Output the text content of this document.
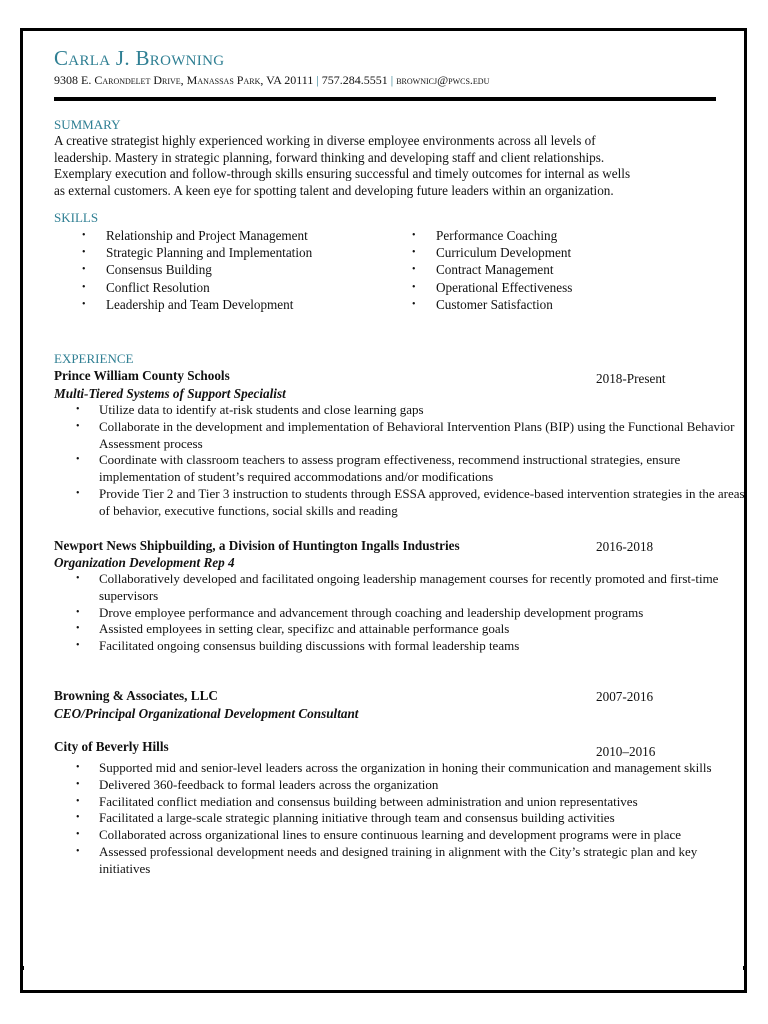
Carla J. Browning
9308 E. Carondelet Drive, Manassas Park, VA 20111 | 757.284.5551 | brownicj@pwcs.edu
SUMMARY
A creative strategist highly experienced working in diverse employee environments across all levels of
leadership. Mastery in strategic planning, forward thinking and developing staff and client relationships.
Exemplary execution and follow-through skills ensuring successful and timely outcomes for internal as wells
as external customers. A keen eye for spotting talent and developing future leaders within an organization.
SKILLS
• Relationship and Project Management
• Strategic Planning and Implementation
• Consensus Building
• Conflict Resolution
• Leadership and Team Development
• Performance Coaching
• Curriculum Development
• Contract Management
• Operational Effectiveness
• Customer Satisfaction
EXPERIENCE
Prince William County Schools	2018-Present
Multi-Tiered Systems of Support Specialist
• Utilize data to identify at-risk students and close learning gaps
• Collaborate in the development and implementation of Behavioral Intervention Plans (BIP) using the Functional Behavior Assessment process
• Coordinate with classroom teachers to assess program effectiveness, recommend instructional strategies, ensure implementation of student’s required accommodations and/or modifications
• Provide Tier 2 and Tier 3 instruction to students through ESSA approved, evidence-based intervention strategies in the areas of behavior, executive functions, social skills and reading
Newport News Shipbuilding, a Division of Huntington Ingalls Industries	2016-2018
Organization Development Rep 4
• Collaboratively developed and facilitated ongoing leadership management courses for recently promoted and first-time supervisors
• Drove employee performance and advancement through coaching and leadership development programs
• Assisted employees in setting clear, specifizc and attainable performance goals
• Facilitated ongoing consensus building discussions with formal leadership teams
Browning & Associates, LLC	2007-2016
CEO/Principal Organizational Development Consultant
City of Beverly Hills	2010–2016
• Supported mid and senior-level leaders across the organization in honing their communication and management skills
• Delivered 360-feedback to formal leaders across the organization
• Facilitated conflict mediation and consensus building between administration and union representatives
• Facilitated a large-scale strategic planning initiative through team and consensus building activities
• Collaborated across organizational lines to ensure continuous learning and development programs were in place
• Assessed professional development needs and designed training in alignment with the City’s strategic plan and key initiatives
